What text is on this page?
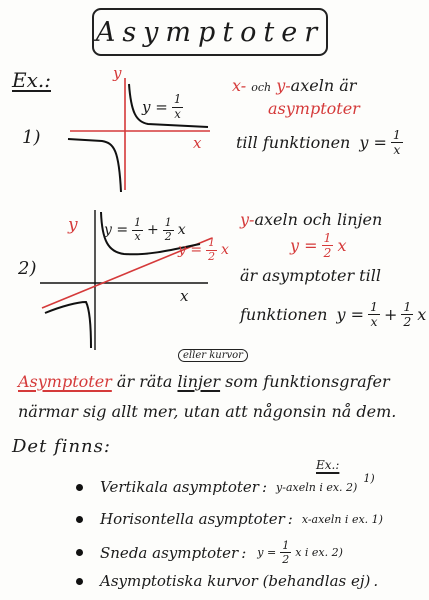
Asymptoter
Ex.:
1)
y
x
$y = \frac{1}{x}$
x- och y-axeln är
asymptoter
till funktionen $y = \frac{1}{x}$
2)
y
x
$y = \frac{1}{x} + \frac{1}{2}$ x
$y = \frac{1}{2}$ x
y-axeln och linjen
$y = \frac{1}{2}$ x
är asymptoter till
funktionen $y = \frac{1}{x} + \frac{1}{2}$ x
eller kurvor
Asymptoter är räta linjer som funktionsgrafer
närmar sig allt mer, utan att någonsin nå dem.
Det finns:
Ex.:
Vertikala asymptoter : y-axeln i ex. 2)
1)
Horisontella asymptoter : x-axeln i ex. 1)
Sneda asymptoter : $y = \frac{1}{2}$ x i ex. 2)
Asymptotiska kurvor (behandlas ej) .
